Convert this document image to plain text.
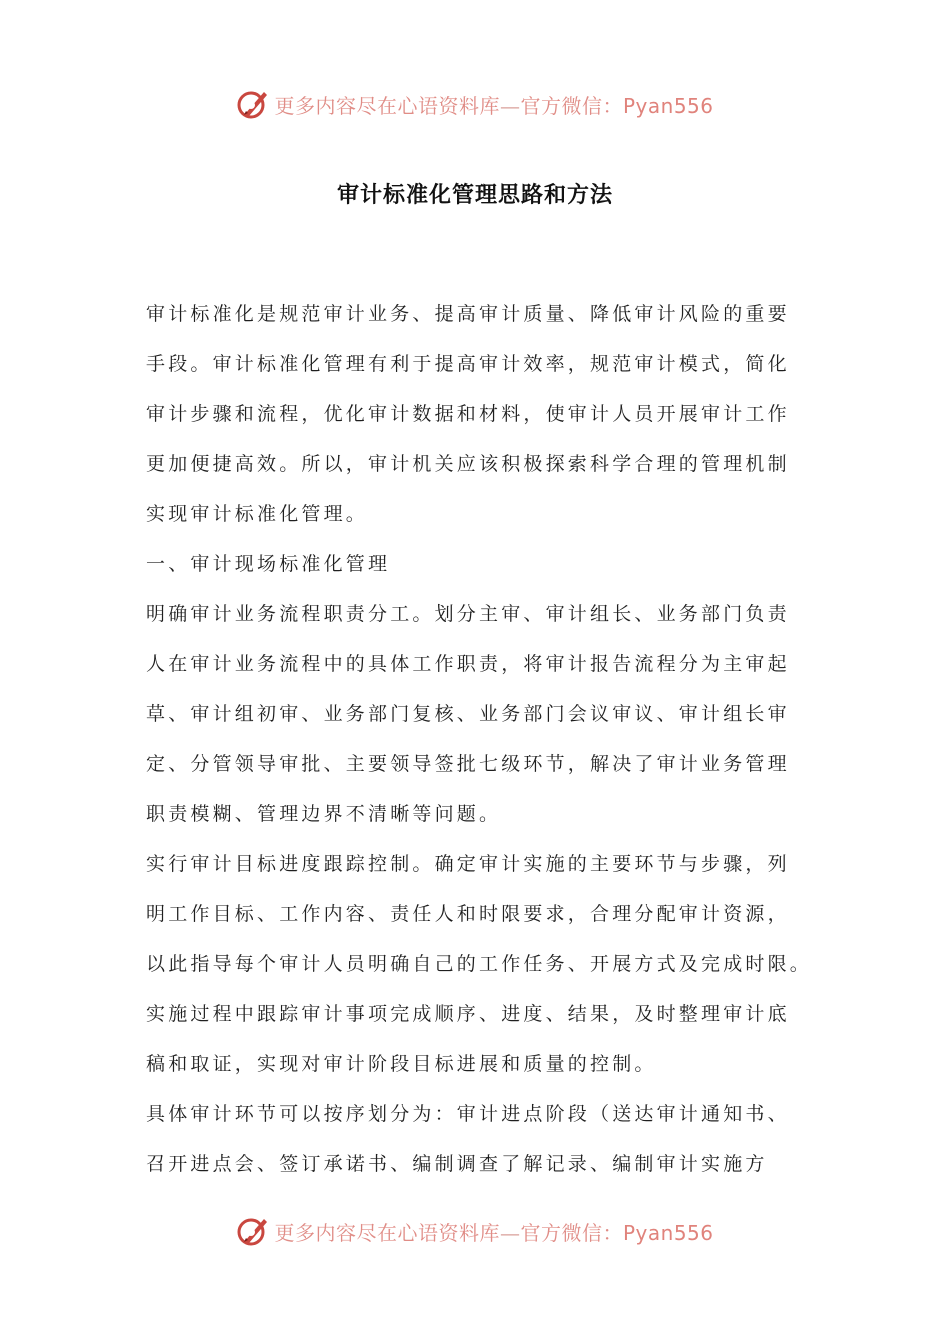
更多内容尽在心语资料库—官方微信：Pyan556
审计标准化管理思路和方法
审计标准化是规范审计业务、提高审计质量、降低审计风险的重要
手段。审计标准化管理有利于提高审计效率，规范审计模式，简化
审计步骤和流程，优化审计数据和材料，使审计人员开展审计工作
更加便捷高效。所以，审计机关应该积极探索科学合理的管理机制
实现审计标准化管理。
一、审计现场标准化管理
明确审计业务流程职责分工。划分主审、审计组长、业务部门负责
人在审计业务流程中的具体工作职责，将审计报告流程分为主审起
草、审计组初审、业务部门复核、业务部门会议审议、审计组长审
定、分管领导审批、主要领导签批七级环节，解决了审计业务管理
职责模糊、管理边界不清晰等问题。
实行审计目标进度跟踪控制。确定审计实施的主要环节与步骤，列
明工作目标、工作内容、责任人和时限要求，合理分配审计资源，
以此指导每个审计人员明确自己的工作任务、开展方式及完成时限。
实施过程中跟踪审计事项完成顺序、进度、结果，及时整理审计底
稿和取证，实现对审计阶段目标进展和质量的控制。
具体审计环节可以按序划分为：审计进点阶段（送达审计通知书、
召开进点会、签订承诺书、编制调查了解记录、编制审计实施方
更多内容尽在心语资料库—官方微信：Pyan556
